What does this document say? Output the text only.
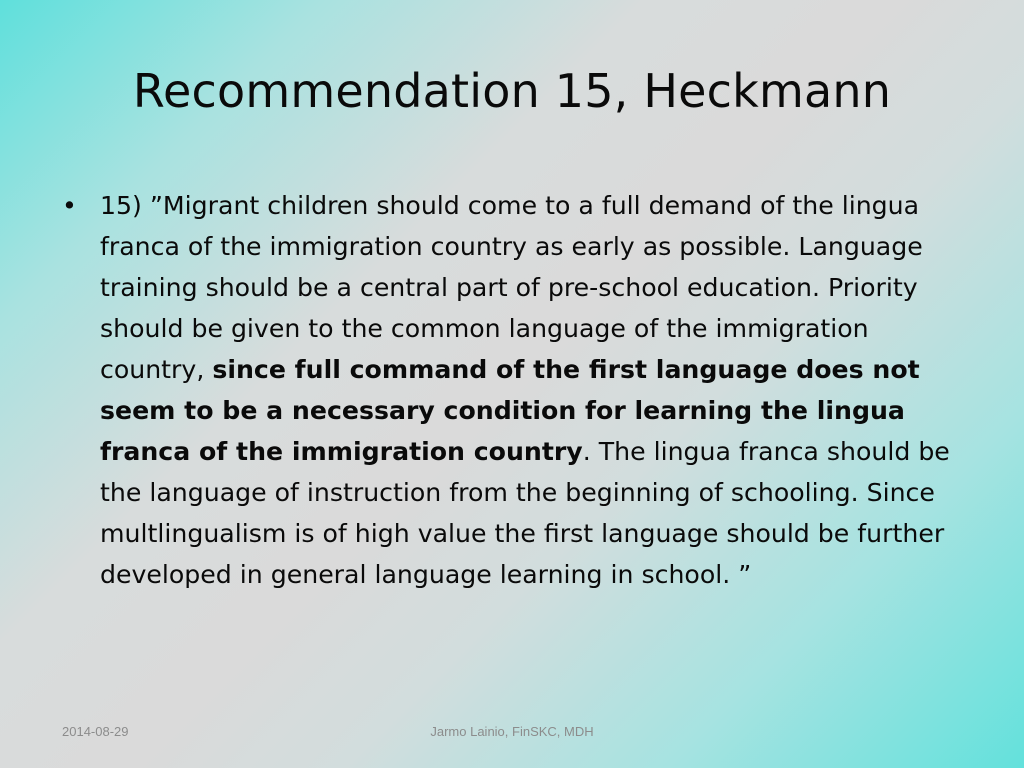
Recommendation 15, Heckmann
• 15) ”Migrant children should come to a full demand of the lingua franca of the immigration country as early as possible. Language training should be a central part of pre-school education. Priority should be given to the common language of the immigration country, since full command of the first language does not seem to be a necessary condition for learning the lingua franca of the immigration country. The lingua franca should be the language of instruction from the beginning of schooling. Since multlingualism is of high value the first language should be further developed in general language learning in school. ”
2014-08-29	Jarmo Lainio, FinSKC, MDH
